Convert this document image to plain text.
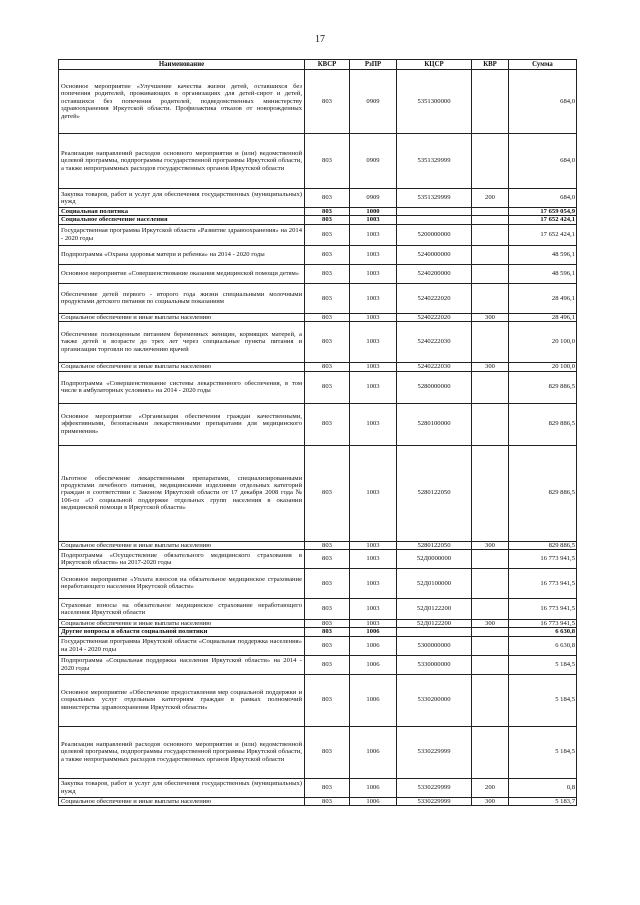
17
Наименование	КВСР	РзПР	КЦСР	КВР	Сумма
Основное мероприятие «Улучшение качества жизни детей, оставшихся без попечения родителей, проживающих в организациях для детей-сирот и детей, оставшихся без попечения родителей, подведомственных министерству здравоохранения Иркутской области. Профилактика отказов от новорожденных детей»	803	0909	5351300000		684,0
Реализация направлений расходов основного мероприятия и (или) ведомственной целевой программы, подпрограммы государственной программы Иркутской области, а также непрограммных расходов государственных органов Иркутской области	803	0909	5351329999		684,0
Закупка товаров, работ и услуг для обеспечения государственных (муниципальных) нужд	803	0909	5351329999	200	684,0
Социальная политика	803	1000			17 659 054,9
Социальное обеспечение населения	803	1003			17 652 424,1
Государственная программа Иркутской области «Развитие здравоохранения» на 2014 - 2020 годы	803	1003	5200000000		17 652 424,1
Подпрограмма «Охрана здоровья матери и ребенка» на 2014 - 2020 годы	803	1003	5240000000		48 596,1
Основное мероприятие «Совершенствование оказания медицинской помощи детям»	803	1003	5240200000		48 596,1
Обеспечение детей первого - второго года жизни специальными молочными продуктами детского питания по социальным показаниям	803	1003	5240222020		28 496,1
Социальное обеспечение и иные выплаты населению	803	1003	5240222020	300	28 496,1
Обеспечение полноценным питанием беременных женщин, кормящих матерей, а также детей в возрасте до трех лет через специальные пункты питания и организации торговли по заключению врачей	803	1003	5240222030		20 100,0
Социальное обеспечение и иные выплаты населению	803	1003	5240222030	300	20 100,0
Подпрограмма «Совершенствование системы лекарственного обеспечения, в том числе в амбулаторных условиях» на 2014 - 2020 годы	803	1003	5280000000		829 886,5
Основное мероприятие «Организация обеспечения граждан качественными, эффективными, безопасными лекарственными препаратами для медицинского применения»	803	1003	5280100000		829 886,5
Льготное обеспечение лекарственными препаратами, специализированными продуктами лечебного питания, медицинскими изделиями отдельных категорий граждан в соответствии с Законом Иркутской области от 17 декабря 2008 года № 106-оз «О социальной поддержке отдельных групп населения в оказании медицинской помощи в Иркутской области»	803	1003	5280122050		829 886,5
Социальное обеспечение и иные выплаты населению	803	1003	5280122050	300	829 886,5
Подпрограмма «Осуществление обязательного медицинского страхования в Иркутской области» на 2017-2020 годы	803	1003	52Д0000000		16 773 941,5
Основное мероприятие «Уплата взносов на обязательное медицинское страхование неработающего населения Иркутской области»	803	1003	52Д0100000		16 773 941,5
Страховые взносы на обязательное медицинское страхование неработающего населения Иркутской области	803	1003	52Д0122200		16 773 941,5
Социальное обеспечение и иные выплаты населению	803	1003	52Д0122200	300	16 773 941,5
Другие вопросы в области социальной политики	803	1006			6 630,8
Государственная программа Иркутской области «Социальная поддержка населения» на 2014 - 2020 годы	803	1006	5300000000		6 630,8
Подпрограмма «Социальная поддержка населения Иркутской области» на 2014 - 2020 годы	803	1006	5330000000		5 184,5
Основное мероприятие «Обеспечение предоставления мер социальной поддержки и социальных услуг отдельным категориям граждан в рамках полномочий министерства здравоохранения Иркутской области»	803	1006	5330200000		5 184,5
Реализация направлений расходов основного мероприятия и (или) ведомственной целевой программы, подпрограммы государственной программы Иркутской области, а также непрограммных расходов государственных органов Иркутской области	803	1006	5330229999		5 184,5
Закупка товаров, работ и услуг для обеспечения государственных (муниципальных) нужд	803	1006	5330229999	200	0,8
Социальное обеспечение и иные выплаты населению	803	1006	5330229999	300	5 183,7
